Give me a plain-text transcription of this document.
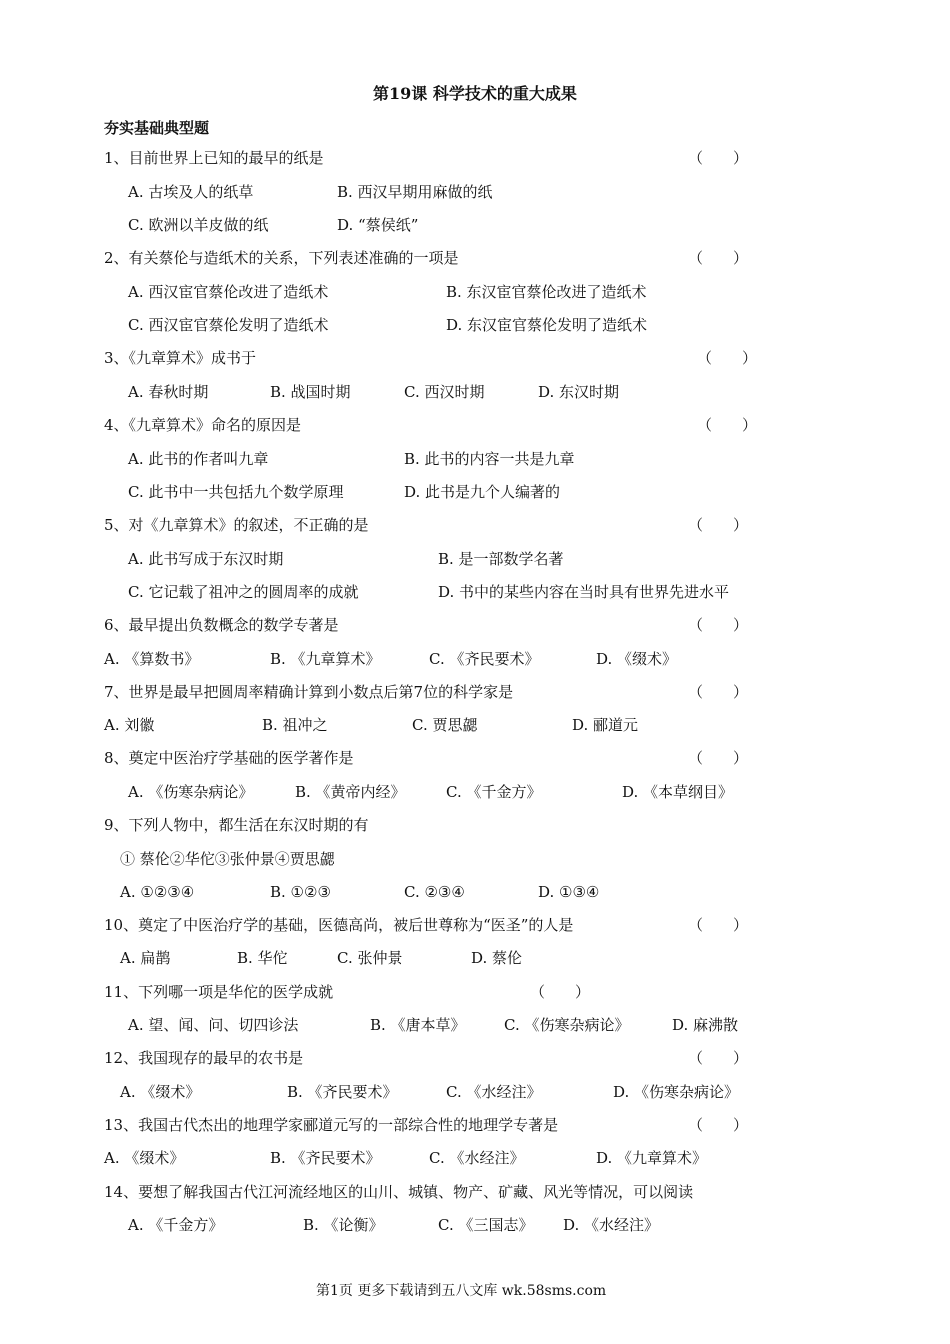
第19课 科学技术的重大成果
夯实基础典型题
1、目前世界上已知的最早的纸是	（　　）
A. 古埃及人的纸草	B. 西汉早期用麻做的纸
C. 欧洲以羊皮做的纸	D. “蔡侯纸”
2、有关蔡伦与造纸术的关系，下列表述准确的一项是	（　　）
A. 西汉宦官蔡伦改进了造纸术	B. 东汉宦官蔡伦改进了造纸术
C. 西汉宦官蔡伦发明了造纸术	D. 东汉宦官蔡伦发明了造纸术
3、《九章算术》成书于	（　　）
A. 春秋时期	B. 战国时期	C. 西汉时期	D. 东汉时期
4、《九章算术》命名的原因是	（　　）
A. 此书的作者叫九章	B. 此书的内容一共是九章
C. 此书中一共包括九个数学原理	D. 此书是九个人编著的
5、对《九章算术》的叙述，不正确的是	（　　）
A. 此书写成于东汉时期	B. 是一部数学名著
C. 它记载了祖冲之的圆周率的成就	D. 书中的某些内容在当时具有世界先进水平
6、最早提出负数概念的数学专著是	（　　）
A. 《算数书》	B. 《九章算术》	C. 《齐民要术》	D. 《缀术》
7、世界是最早把圆周率精确计算到小数点后第7位的科学家是	（　　）
A. 刘徽	B. 祖冲之	C. 贾思勰	D. 郦道元
8、奠定中医治疗学基础的医学著作是	（　　）
A. 《伤寒杂病论》	B. 《黄帝内经》	C. 《千金方》	D. 《本草纲目》
9、下列人物中，都生活在东汉时期的有
① 蔡伦②华佗③张仲景④贾思勰
A. ①②③④	B. ①②③	C. ②③④	D. ①③④
10、奠定了中医治疗学的基础，医德高尚，被后世尊称为“医圣”的人是	（　　）
A. 扁鹊	B. 华佗	C. 张仲景	D. 蔡伦
11、下列哪一项是华佗的医学成就	（　　）
A. 望、闻、问、切四诊法	B. 《唐本草》	C. 《伤寒杂病论》	D. 麻沸散
12、我国现存的最早的农书是	（　　）
A. 《缀术》	B. 《齐民要术》	C. 《水经注》	D. 《伤寒杂病论》
13、我国古代杰出的地理学家郦道元写的一部综合性的地理学专著是	（　　）
A. 《缀术》	B. 《齐民要术》	C. 《水经注》	D. 《九章算术》
14、要想了解我国古代江河流经地区的山川、城镇、物产、矿藏、风光等情况，可以阅读
A. 《千金方》	B. 《论衡》	C. 《三国志》 D. 《水经注》
第1页 更多下载请到五八文库 wk.58sms.com
